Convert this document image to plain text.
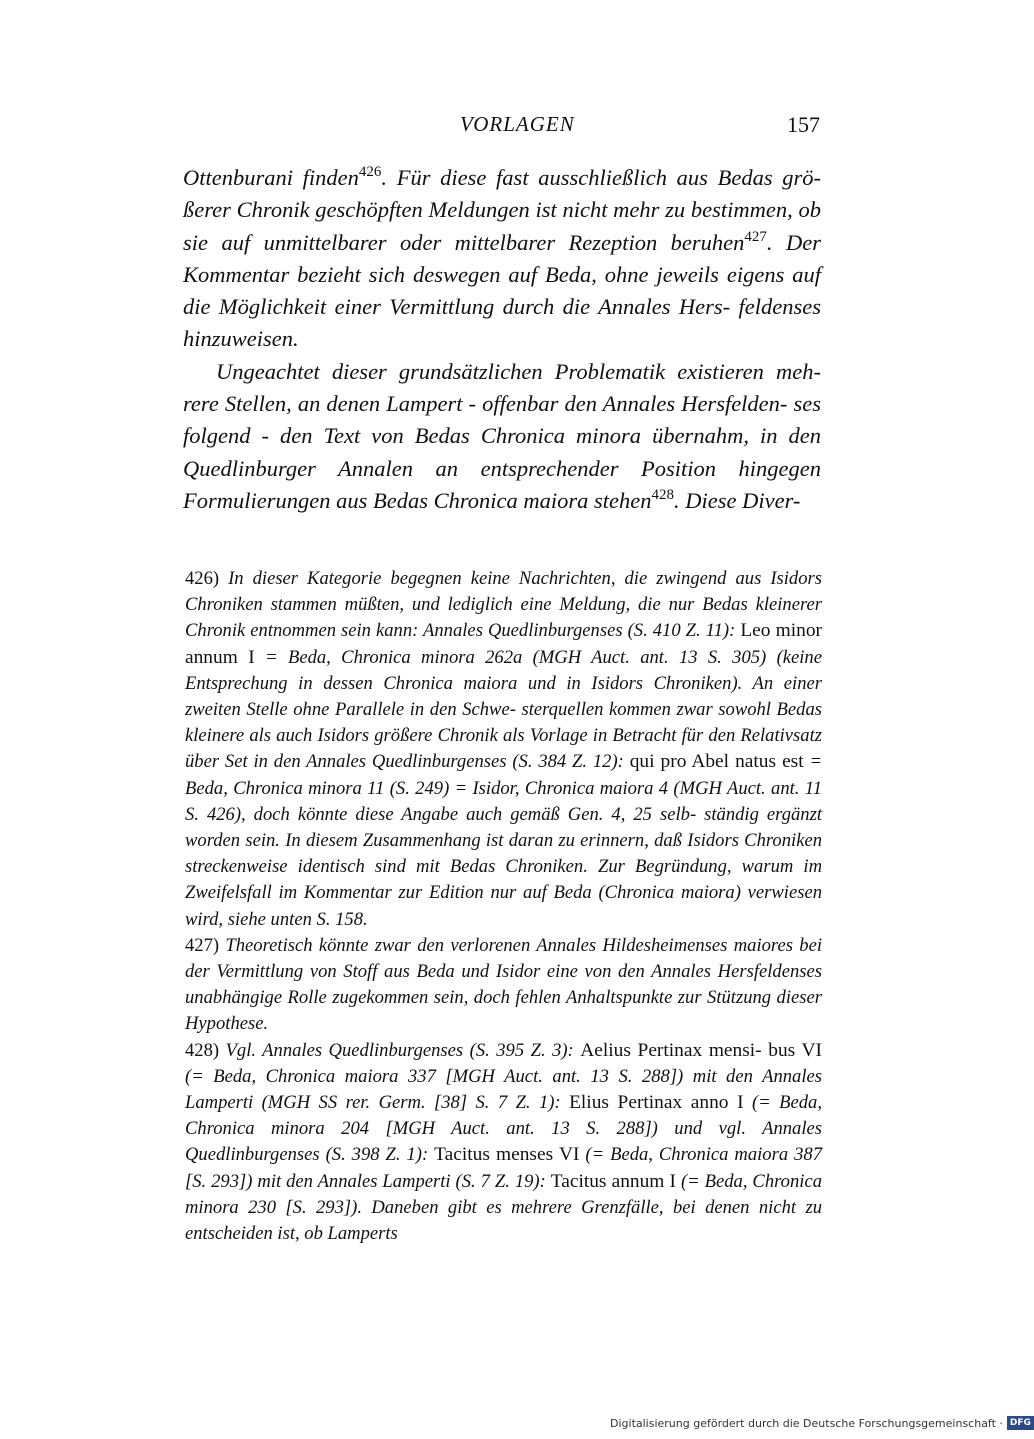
VORLAGEN	157

Ottenburani finden$^{426}$. Für diese fast ausschließlich aus Bedas grö- ßerer Chronik geschöpften Meldungen ist nicht mehr zu bestimmen, ob sie auf unmittelbarer oder mittelbarer Rezeption beruhen$^{427}$. Der Kommentar bezieht sich deswegen auf Beda, ohne jeweils eigens auf die Möglichkeit einer Vermittlung durch die Annales Hers- feldenses hinzuweisen.

Ungeachtet dieser grundsätzlichen Problematik existieren meh- rere Stellen, an denen Lampert - offenbar den Annales Hersfelden- ses folgend - den Text von Bedas Chronica minora übernahm, in den Quedlinburger Annalen an entsprechender Position hingegen Formulierungen aus Bedas Chronica maiora stehen$^{428}$. Diese Diver-

426) In dieser Kategorie begegnen keine Nachrichten, die zwingend aus Isidors Chroniken stammen müßten, und lediglich eine Meldung, die nur Bedas kleinerer Chronik entnommen sein kann: Annales Quedlinburgenses (S. 410 Z. 11): Leo minor annum I = Beda, Chronica minora 262a (MGH Auct. ant. 13 S. 305) (keine Entsprechung in dessen Chronica maiora und in Isidors Chroniken). An einer zweiten Stelle ohne Parallele in den Schwe- sterquellen kommen zwar sowohl Bedas kleinere als auch Isidors größere Chronik als Vorlage in Betracht für den Relativsatz über Set in den Annales Quedlinburgenses (S. 384 Z. 12): qui pro Abel natus est = Beda, Chronica minora 11 (S. 249) = Isidor, Chronica maiora 4 (MGH Auct. ant. 11 S. 426), doch könnte diese Angabe auch gemäß Gen. 4, 25 selb- ständig ergänzt worden sein. In diesem Zusammenhang ist daran zu erinnern, daß Isidors Chroniken streckenweise identisch sind mit Bedas Chroniken. Zur Begründung, warum im Zweifelsfall im Kommentar zur Edition nur auf Beda (Chronica maiora) verwiesen wird, siehe unten S. 158.

427) Theoretisch könnte zwar den verlorenen Annales Hildesheimenses maiores bei der Vermittlung von Stoff aus Beda und Isidor eine von den Annales Hersfeldenses unabhängige Rolle zugekommen sein, doch fehlen Anhaltspunkte zur Stützung dieser Hypothese.

428) Vgl. Annales Quedlinburgenses (S. 395 Z. 3): Aelius Pertinax mensi- bus VI (= Beda, Chronica maiora 337 [MGH Auct. ant. 13 S. 288]) mit den Annales Lamperti (MGH SS rer. Germ. [38] S. 7 Z. 1): Elius Pertinax anno I (= Beda, Chronica minora 204 [MGH Auct. ant. 13 S. 288]) und vgl. Annales Quedlinburgenses (S. 398 Z. 1): Tacitus menses VI (= Beda, Chronica maiora 387 [S. 293]) mit den Annales Lamperti (S. 7 Z. 19): Tacitus annum I (= Beda, Chronica minora 230 [S. 293]). Daneben gibt es mehrere Grenzfälle, bei denen nicht zu entscheiden ist, ob Lamperts

Digitalisierung gefördert durch die Deutsche Forschungsgemeinschaft · DFG
